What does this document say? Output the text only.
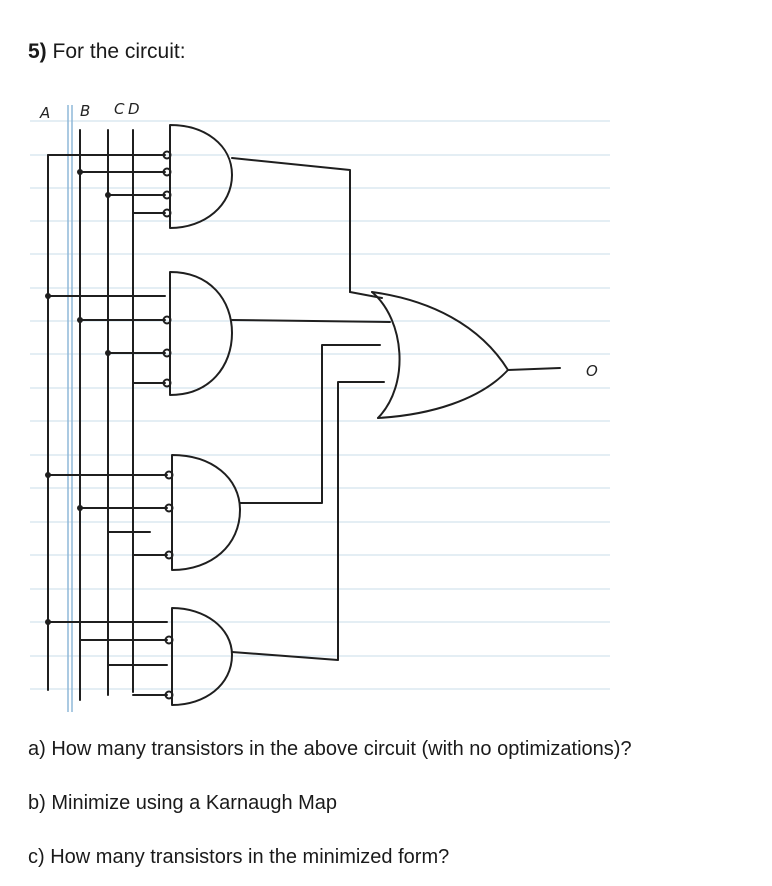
5) For the circuit:
A B C D
O
a) How many transistors in the above circuit (with no optimizations)?
b) Minimize using a Karnaugh Map
c) How many transistors in the minimized form?
